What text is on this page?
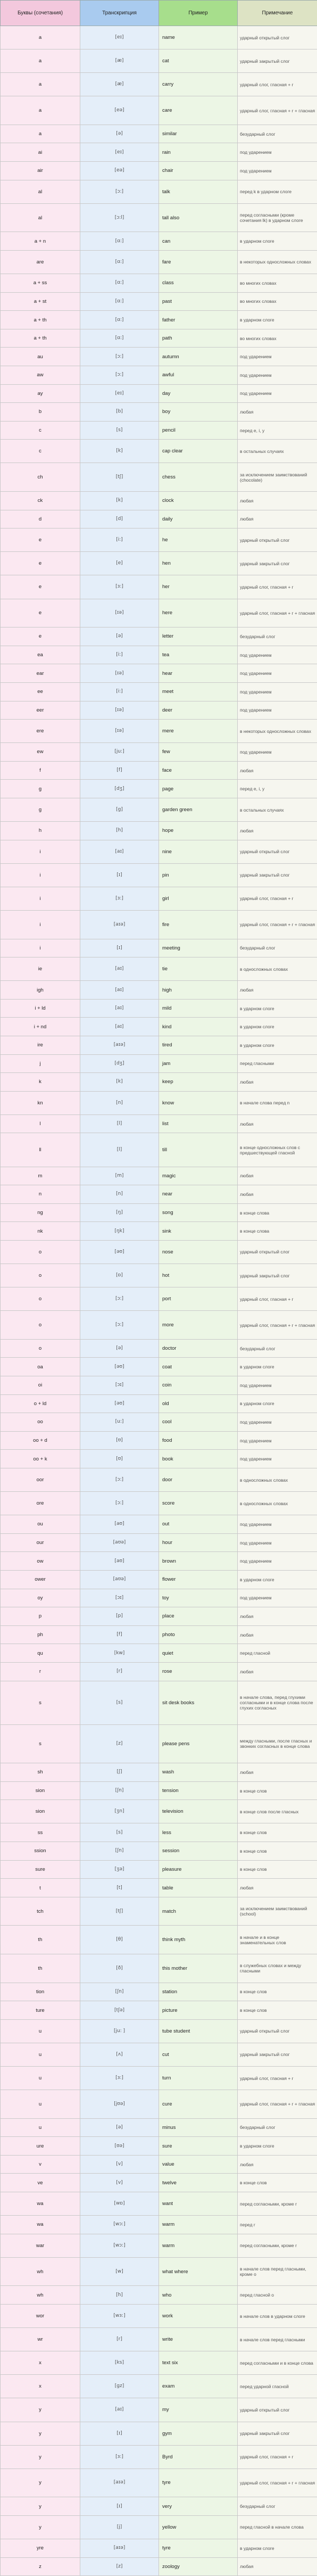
Буквы (сочетания)	Транскрипция	Пример	Примечание
a	[eɪ]	name	ударный открытый слог
a	[æ]	cat	ударный закрытый слог
a	[æ]	carry	ударный слог, гласная + r
a	[eə]	care	ударный слог, гласная + r + гласная
a	[ə]	similar	безударный слог
ai	[eɪ]	rain	под ударением
air	[eə]	chair	под ударением
al	[ɔ:]	talk	перед k в ударном слоге
al	[ɔ:l]	tall also	перед согласными (кроме сочетания lk) в ударном слоге
a + n	[ɑ:]	can	в ударном слоге
are	[ɑ:]	fare	в некоторых односложных словах
a + ss	[ɑ:]	class	во многих словах
a + st	[ɑ:]	past	во многих словах
a + th	[ɑ:]	father	в ударном слоге
a + th	[ɑ:]	path	во многих словах
au	[ɔ:]	autumn	под ударением
aw	[ɔ:]	awful	под ударением
ay	[eɪ]	day	под ударением
b	[b]	boy	любая
c	[s]	pencil	перед e, i, y
c	[k]	cap clear	в остальных случаях
ch	[tʃ]	chess	за исключением заимствований (chocolate)
ck	[k]	clock	любая
d	[d]	daily	любая
e	[i:]	he	ударный открытый слог
e	[e]	hen	ударный закрытый слог
e	[ɜ:]	her	ударный слог, гласная + r
e	[ɪə]	here	ударный слог, гласная + r + гласная
e	[ə]	letter	безударный слог
ea	[i:]	tea	под ударением
ear	[ɪə]	hear	под ударением
ee	[i:]	meet	под ударением
eer	[ɪə]	deer	под ударением
ere	[ɪə]	mere	в некоторых односложных словах
ew	[ju:]	few	под ударением
f	[f]	face	любая
g	[dʒ]	page	перед e, i, y
g	[g]	garden green	в остальных случаях
h	[h]	hope	любая
i	[aɪ]	nine	ударный открытый слог
i	[ɪ]	pin	ударный закрытый слог
i	[ɜ:]	girl	ударный слог, гласная + r
i	[aɪə]	fire	ударный слог, гласная + r + гласная
i	[ɪ]	meeting	безударный слог
ie	[aɪ]	tie	в односложных словах
igh	[aɪ]	high	любая
i + ld	[aɪ]	mild	в ударном слоге
i + nd	[aɪ]	kind	в ударном слоге
ire	[aɪə]	tired	в ударном слоге
j	[dʒ]	jam	перед гласными
k	[k]	keep	любая
kn	[n]	know	в начале слова перед n
l	[l]	list	любая
ll	[l]	till	в конце односложных слов с предшествующей гласной
m	[m]	magic	любая
n	[n]	near	любая
ng	[ŋ]	song	в конце слова
nk	[ŋk]	sink	в конце слова
o	[əʊ]	nose	ударный открытый слог
o	[ɒ]	hot	ударный закрытый слог
o	[ɔ:]	port	ударный слог, гласная + r
o	[ɔ:]	more	ударный слог, гласная + r + гласная
o	[ə]	doctor	безударный слог
oa	[əʊ]	coat	в ударном слоге
oi	[ɔɪ]	coin	под ударением
o + ld	[əʊ]	old	в ударном слоге
oo	[u:]	cool	под ударением
oo + d	[ʊ]	food	под ударением
oo + k	[ʊ]	book	под ударением
oor	[ɔ:]	door	в односложных словах
ore	[ɔ:]	score	в односложных словах
ou	[aʊ]	out	под ударением
our	[aʊə]	hour	под ударением
ow	[aʊ]	brown	под ударением
ower	[aʊə]	flower	в ударном слоге
oy	[ɔɪ]	toy	под ударением
p	[p]	place	любая
ph	[f]	photo	любая
qu	[kw]	quiet	перед гласной
r	[r]	rose	любая
s	[s]	sit desk books	в начале слова, перед глухими согласными и в конце слова после глухих согласных
s	[z]	please pens	между гласными, после гласных и звонких согласных в конце слова
sh	[ʃ]	wash	любая
sion	[ʃn]	tension	в конце слов
sion	[ʒn]	television	в конце слов после гласных
ss	[s]	less	в конце слов
ssion	[ʃn]	session	в конце слов
sure	[ʒə]	pleasure	в конце слов
t	[t]	table	любая
tch	[tʃ]	match	за исключением заимствований (school)
th	[θ]	think myth	в начале и в конце знаменательных слов
th	[ð]	this mother	в служебных словах и между гласными
tion	[ʃn]	station	в конце слов
ture	[tʃə]	picture	в конце слов
u	[ju: ]	tube student	ударный открытый слог
u	[ʌ]	cut	ударный закрытый слог
u	[ɜ:]	turn	ударный слог, гласная + r
u	[jʊə]	cure	ударный слог, гласная + r + гласная
u	[ə]	minus	безударный слог
ure	[ʊə]	sure	в ударном слоге
v	[v]	value	любая
ve	[v]	twelve	в конце слов
wa	[wɒ]	want	перед согласными, кроме r
wa	[wɔ:]	warm	перед r
war	[wɔ:]	warm	перед согласными, кроме r
wh	[w]	what where	в начале слов перед гласными, кроме o
wh	[h]	who	перед гласной o
wor	[wɜ:]	work	в начале слов в ударном слоге
wr	[r]	write	в начале слов перед гласными
x	[ks]	text six	перед согласными и в конце слова
x	[gz]	exam	перед ударной гласной
y	[aɪ]	my	ударный открытый слог
y	[ɪ]	gym	ударный закрытый слог
y	[ɜ:]	Byrd	ударный слог, гласная + r
y	[aɪə]	tyre	ударный слог, гласная + r + гласная
y	[ɪ]	very	безударный слог
y	[j]	yellow	перед гласной в начале слова
yre	[aɪə]	tyre	в ударном слоге
z	[z]	zoology	любая
